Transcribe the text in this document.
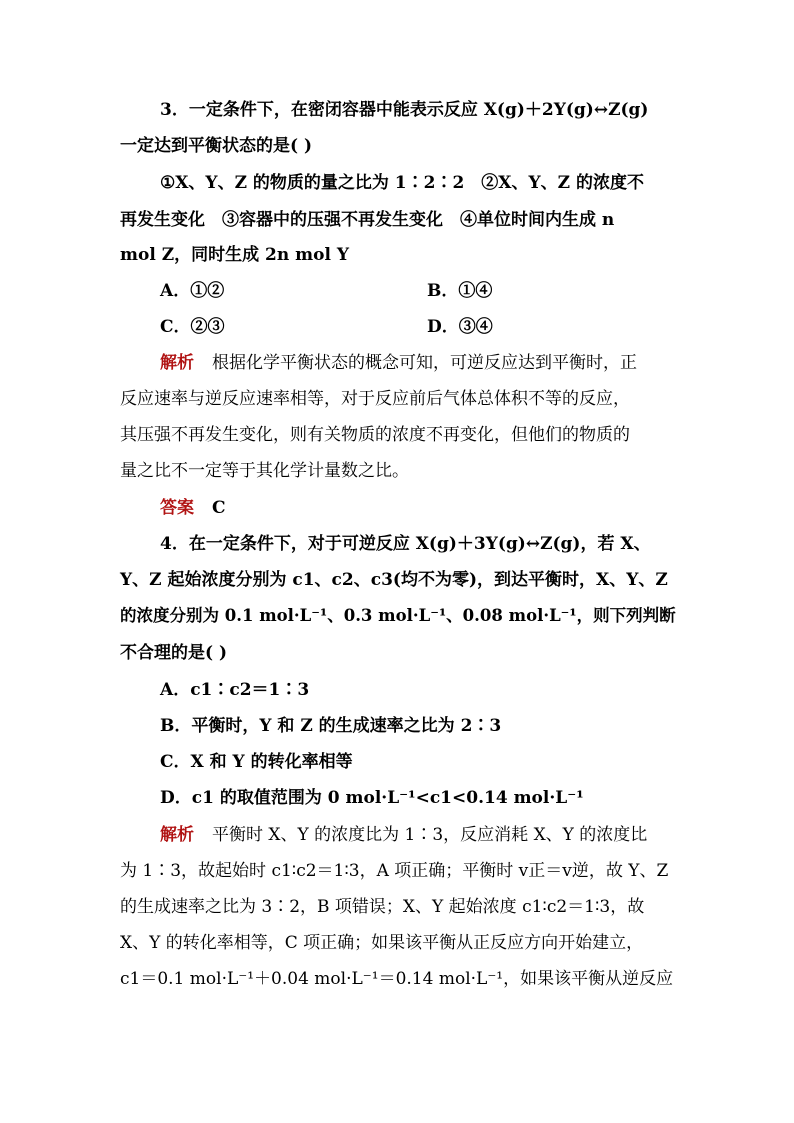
3．一定条件下，在密闭容器中能表示反应 X(g)＋2Y(g)↔Z(g)
一定达到平衡状态的是( )
①X、Y、Z 的物质的量之比为 1∶2∶2　②X、Y、Z 的浓度不
再发生变化　③容器中的压强不再发生变化　④单位时间内生成 n
mol Z，同时生成 2n mol Y
A．①②	B．①④
C．②③	D．③④
解析 根据化学平衡状态的概念可知，可逆反应达到平衡时，正
反应速率与逆反应速率相等，对于反应前后气体总体积不等的反应，
其压强不再发生变化，则有关物质的浓度不再变化，但他们的物质的
量之比不一定等于其化学计量数之比。
答案 C
4．在一定条件下，对于可逆反应 X(g)＋3Y(g)↔Z(g)，若 X、
Y、Z 起始浓度分别为 c1、c2、c3(均不为零)，到达平衡时，X、Y、Z
的浓度分别为 0.1 mol·L⁻¹、0.3 mol·L⁻¹、0.08 mol·L⁻¹，则下列判断
不合理的是( )
A．c1∶c2＝1∶3
B．平衡时，Y 和 Z 的生成速率之比为 2∶3
C．X 和 Y 的转化率相等
D．c1 的取值范围为 0 mol·L⁻¹<c1<0.14 mol·L⁻¹
解析 平衡时 X、Y 的浓度比为 1∶3，反应消耗 X、Y 的浓度比
为 1∶3，故起始时 c1∶c2＝1∶3，A 项正确；平衡时 v正＝v逆，故 Y、Z
的生成速率之比为 3∶2，B 项错误；X、Y 起始浓度 c1∶c2＝1∶3，故
X、Y 的转化率相等，C 项正确；如果该平衡从正反应方向开始建立，
c1＝0.1 mol·L⁻¹＋0.04 mol·L⁻¹＝0.14 mol·L⁻¹，如果该平衡从逆反应
